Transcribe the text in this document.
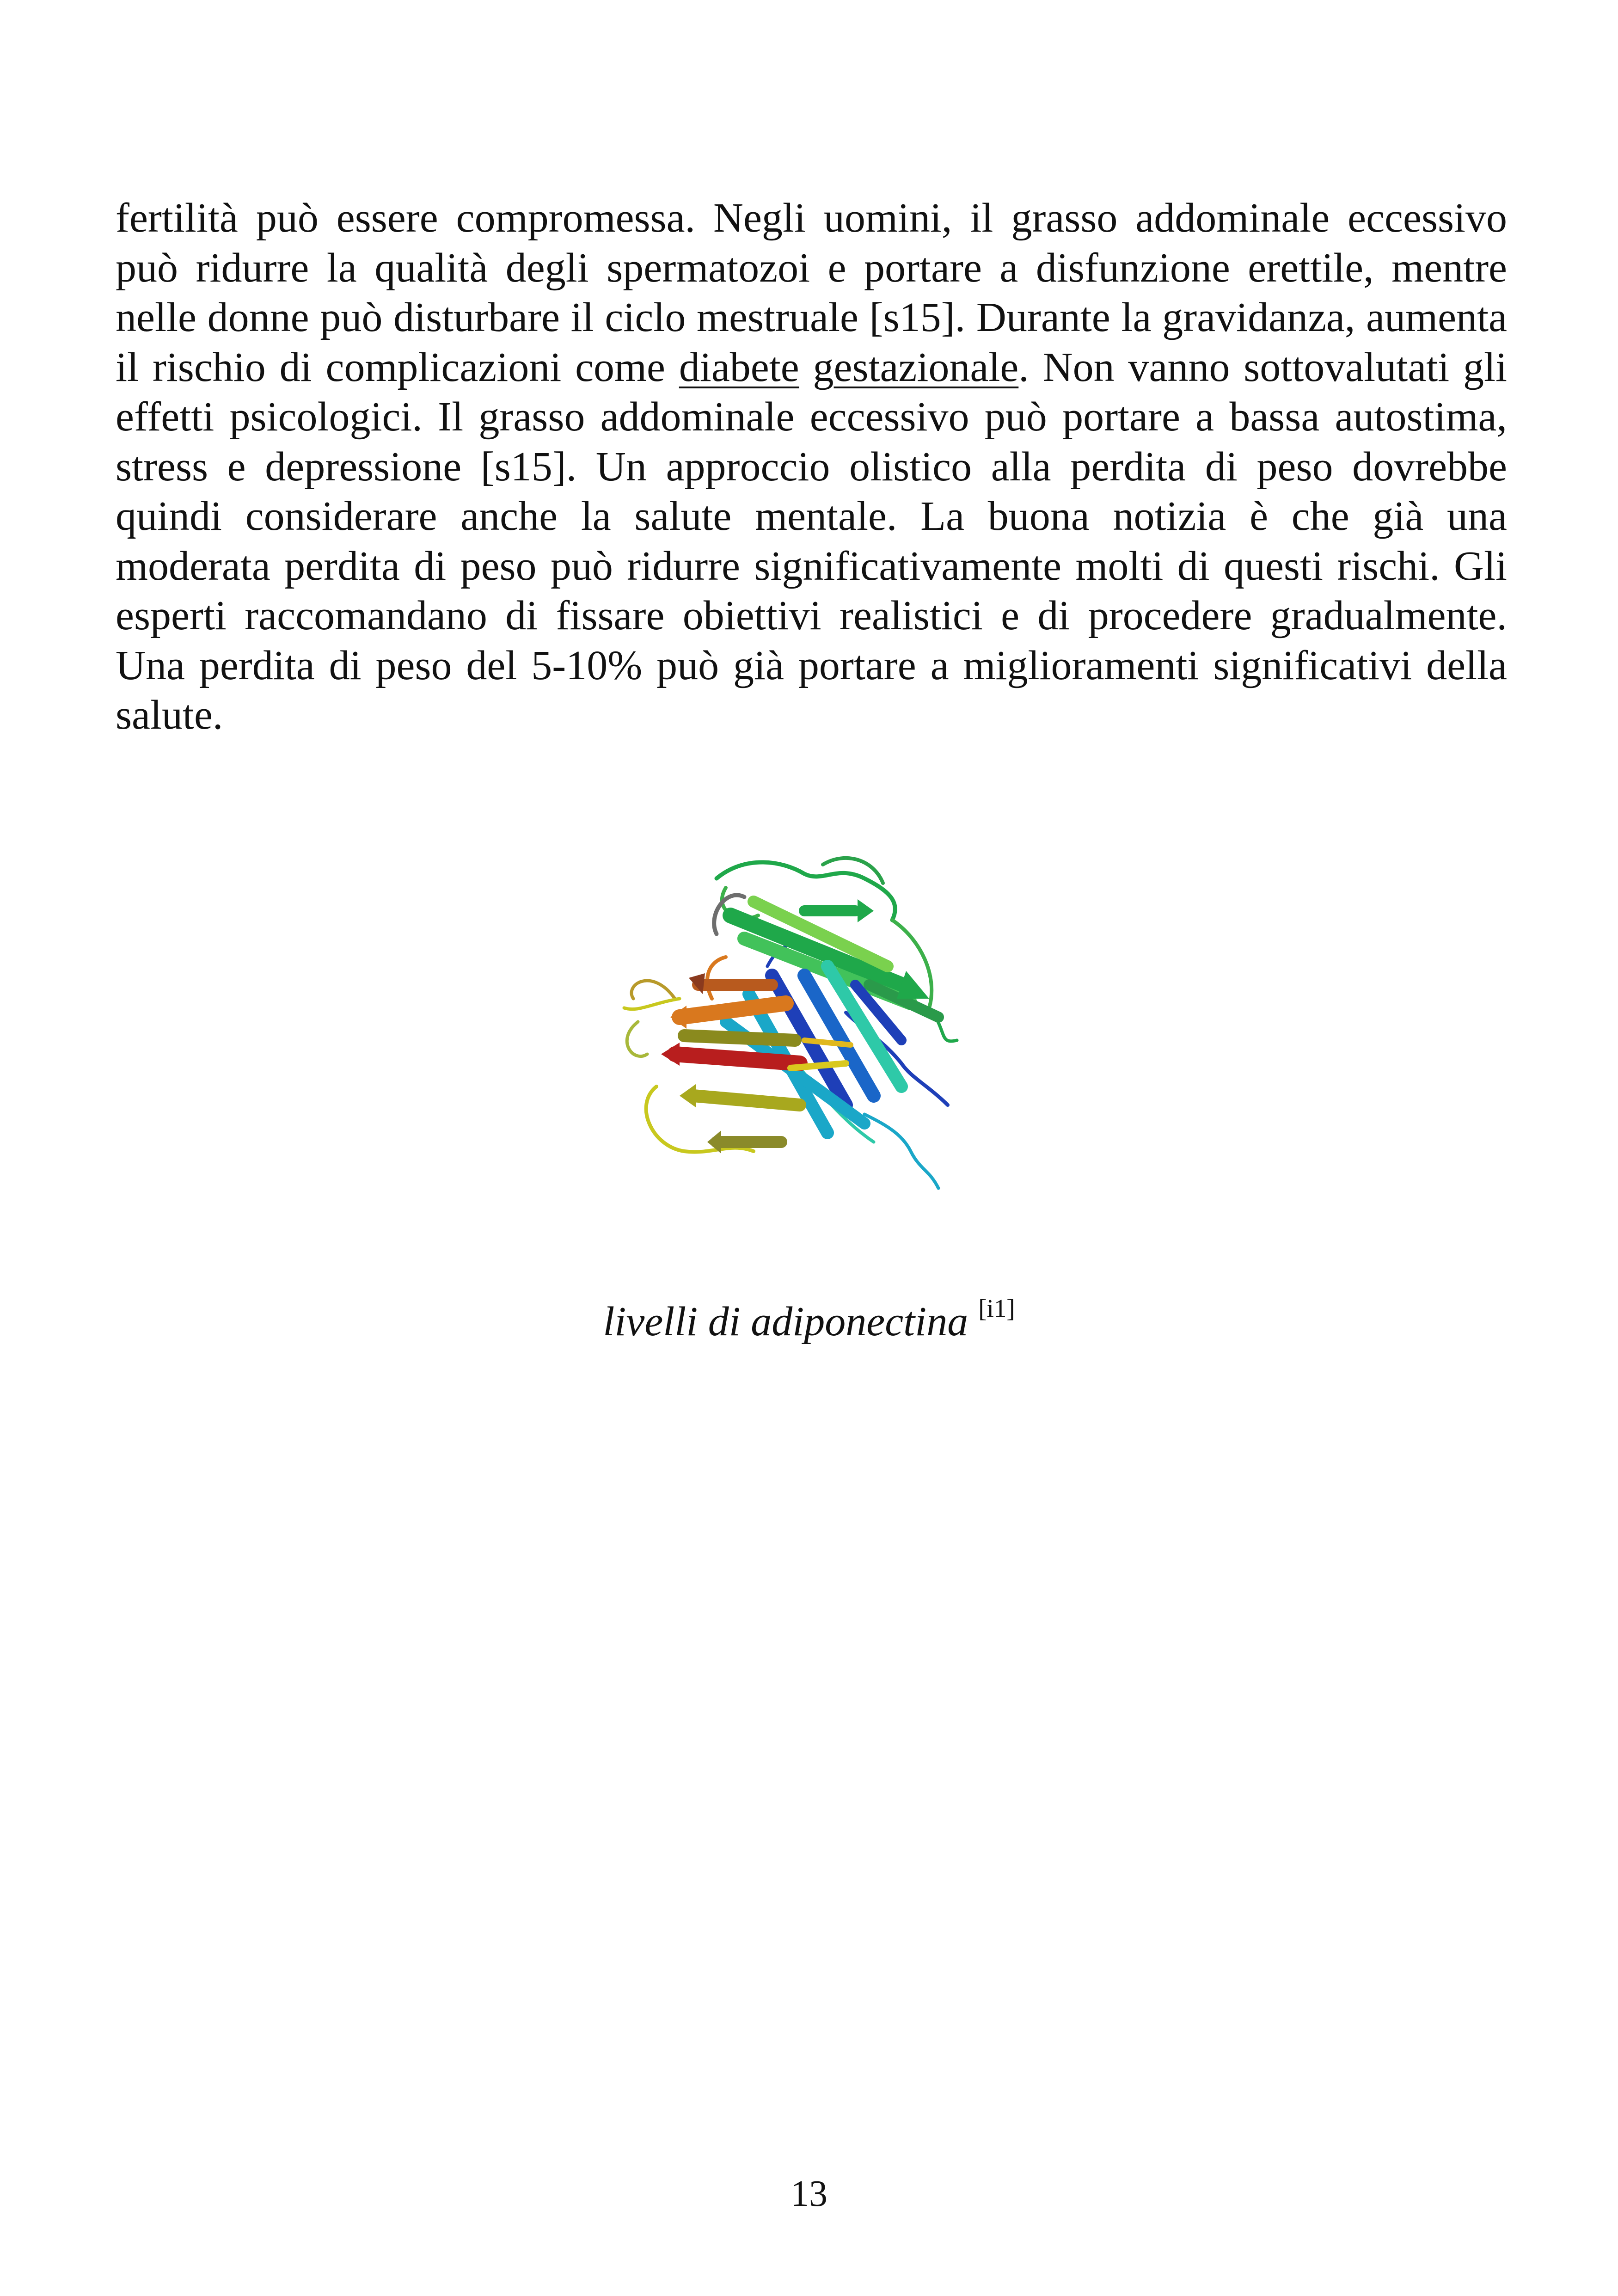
fertilità può essere compromessa. Negli uomini, il grasso addominale eccessivo può ridurre la qualità degli spermatozoi e portare a disfunzione erettile, mentre nelle donne può disturbare il ciclo mestruale [s15]. Durante la gravidanza, aumenta il rischio di complicazioni come diabete gestazionale. Non vanno sottovalutati gli effetti psicologici. Il grasso addominale eccessivo può portare a bassa autostima, stress e depressione [s15]. Un approccio olistico alla perdita di peso dovrebbe quindi considerare anche la salute mentale. La buona notizia è che già una moderata perdita di peso può ridurre significativamente molti di questi rischi. Gli esperti raccomandano di fissare obiettivi realistici e di procedere gradualmente. Una perdita di peso del 5-10% può già portare a miglioramenti significativi della salute.

livelli di adiponectina [i1]
13
